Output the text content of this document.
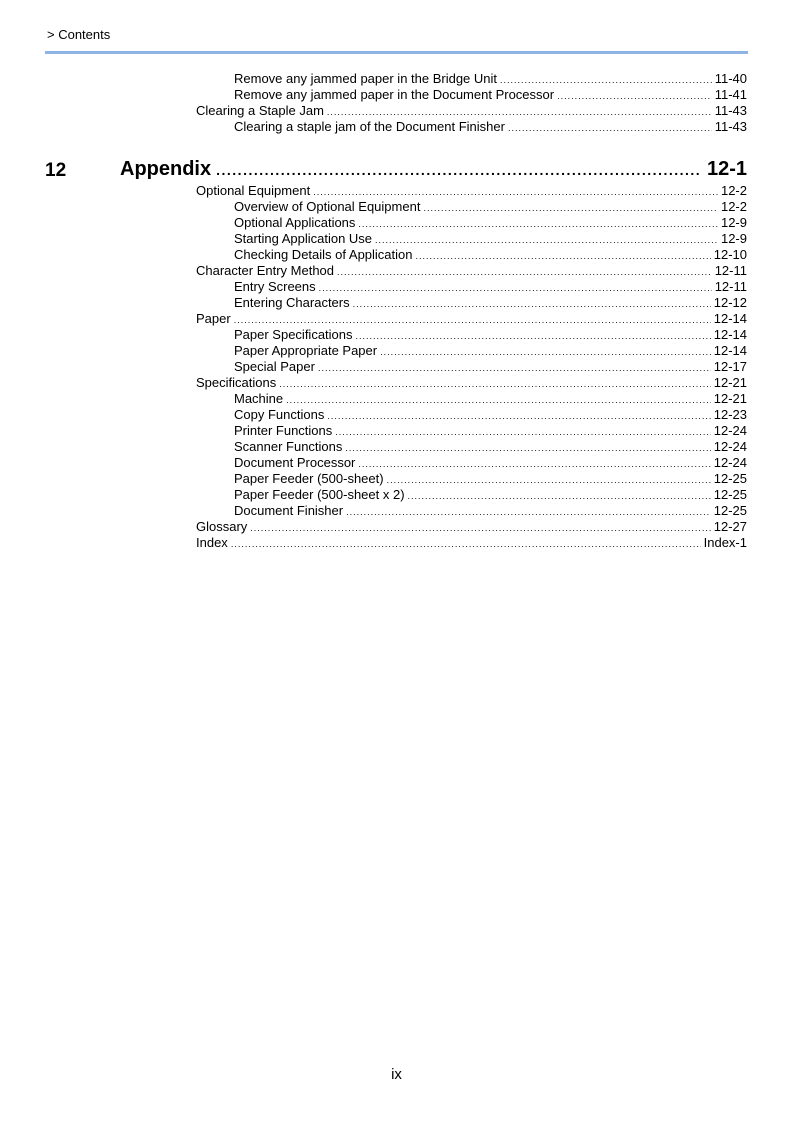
> Contents
Remove any jammed paper in the Bridge Unit .....	11-40
Remove any jammed paper in the Document Processor .....	11-41
Clearing a Staple Jam .....	11-43
Clearing a staple jam of the Document Finisher .....	11-43
12	Appendix .....	12-1
Optional Equipment .....	12-2
Overview of Optional Equipment .....	12-2
Optional Applications .....	12-9
Starting Application Use .....	12-9
Checking Details of Application .....	12-10
Character Entry Method .....	12-11
Entry Screens .....	12-11
Entering Characters .....	12-12
Paper .....	12-14
Paper Specifications .....	12-14
Paper Appropriate Paper .....	12-14
Special Paper .....	12-17
Specifications .....	12-21
Machine .....	12-21
Copy Functions .....	12-23
Printer Functions .....	12-24
Scanner Functions .....	12-24
Document Processor .....	12-24
Paper Feeder (500-sheet) .....	12-25
Paper Feeder (500-sheet x 2) .....	12-25
Document Finisher .....	12-25
Glossary .....	12-27
Index .....	Index-1
ix
